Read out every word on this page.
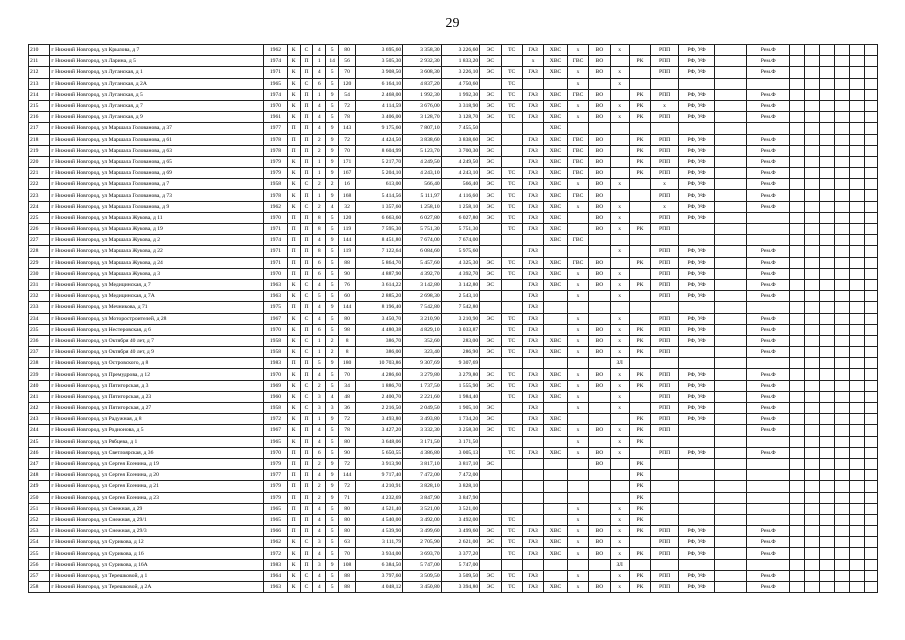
29
210	г Нижний Новгород, ул Крылова, д 7	1962	К	С	4	5	80	3 695,60	3 358,30	3 226,60	ЭС	ТС	ГАЗ	ХВС	х	ВО	х		РПП	РФ, УФ		Рем.Ф						
211	г Нижний Новгород, ул Ларина, д 5	1974	К	П	1	14	56	3 505,30	2 932,30	1 833,20	ЭС		х	ХВС	ГВС	ВО		РК	РПП	РФ, УФ		Рем.Ф						
212	г Нижний Новгород, ул Луганская, д 1	1971	К	П	4	5	70	3 908,50	3 608,30	3 226,10	ЭС	ТС	ГАЗ	ХВС	х	ВО	х		РПП	РФ, УФ		Рем.Ф						
213	г Нижний Новгород, ул Луганская, д 2А	1965	К	С	6	5	120	6 164,10	4 837,20	4 750,60		ТС			х		х											
214	г Нижний Новгород, ул Луганская, д 5	1974	К	П	1	9	54	2 468,00	1 992,30	1 992,30	ЭС	ТС	ГАЗ	ХВС	ГВС	ВО		РК	РПП	РФ, УФ		Рем.Ф						
215	г Нижний Новгород, ул Луганская, д 7	1970	К	П	4	5	72	4 114,59	3 676,00	3 318,90	ЭС	ТС	ГАЗ	ХВС	х	ВО	х	РК	х	РФ, УФ		Рем.Ф						
216	г Нижний Новгород, ул Луганская, д 9	1961	К	П	4	5	78	3 406,00	3 128,70	3 128,70	ЭС	ТС	ГАЗ	ХВС	х	ВО	х	РК	РПП	РФ, УФ		Рем.Ф						
217	г Нижний Новгород, ул Маршала Голованова, д 37	1977	П	П	4	9	143	9 175,60	7 807,10	7 455,50				ХВС														
218	г Нижний Новгород, ул Маршала Голованова, д 61	1978	П	П	2	9	72	4 424,50	3 838,60	3 838,60	ЭС		ГАЗ	ХВС	ГВС	ВО		РК	РПП	РФ, УФ		Рем.Ф						
219	г Нижний Новгород, ул Маршала Голованова, д 63	1978	П	П	2	9	70	8 604,99	5 123,70	3 700,30	ЭС		ГАЗ	ХВС	ГВС	ВО		РК	РПП	РФ, УФ		Рем.Ф						
220	г Нижний Новгород, ул Маршала Голованова, д 65	1979	К	П	1	9	171	5 217,70	4 249,50	4 249,50	ЭС		ГАЗ	ХВС	ГВС	ВО		РК	РПП	РФ, УФ		Рем.Ф						
221	г Нижний Новгород, ул Маршала Голованова, д 69	1979	К	П	1	9	167	5 204,10	4 243,10	4 243,10	ЭС	ТС	ГАЗ	ХВС	ГВС	ВО		РК	РПП	РФ, УФ		Рем.Ф						
222	г Нижний Новгород, ул Маршала Голованова, д 7	1958	К	С	2	2	16	613,00	566,40	566,40	ЭС	ТС	ГАЗ	ХВС	х	ВО	х		х	РФ, УФ		Рем.Ф						
223	г Нижний Новгород, ул Маршала Голованова, д 73	1978	К	П	1	9	168	5 414,56	5 111,97	4 116,60	ЭС	ТС	ГАЗ	ХВС	ГВС	ВО			РПП	РФ, УФ		Рем.Ф						
224	г Нижний Новгород, ул Маршала Голованова, д 9	1962	К	С	2	4	32	1 357,60	1 258,10	1 258,10	ЭС	ТС	ГАЗ	ХВС	х	ВО	х		х	РФ, УФ		Рем.Ф						
225	г Нижний Новгород, ул Маршала Жукова, д 11	1970	П	П	8	5	120	6 663,60	6 027,80	6 027,80	ЭС	ТС	ГАЗ	ХВС		ВО	х		РПП	РФ, УФ								
226	г Нижний Новгород, ул Маршала Жукова, д 19	1971	П	П	8	5	119	7 595,30	5 751,30	5 751,30		ТС	ГАЗ	ХВС		ВО	х	РК	РПП									
227	г Нижний Новгород, ул Маршала Жукова, д 2	1974	П	П	4	9	144	8 451,80	7 674,00	7 674,00				ХВС	ГВС													
228	г Нижний Новгород, ул Маршала Жукова, д 22	1971	П	П	8	5	119	7 122,64	6 084,60	5 975,60			ГАЗ				х		РПП	РФ, УФ		Рем.Ф						
229	г Нижний Новгород, ул Маршала Жукова, д 24	1971	П	П	6	5	88	5 864,70	5 457,60	4 325,30	ЭС	ТС	ГАЗ	ХВС	ГВС	ВО		РК	РПП	РФ, УФ		Рем.Ф						
230	г Нижний Новгород, ул Маршала Жукова, д 3	1970	П	П	6	5	90	4 887,90	4 392,70	4 392,70	ЭС	ТС	ГАЗ	ХВС	х	ВО	х		РПП	РФ, УФ		Рем.Ф						
231	г Нижний Новгород, ул Медицинская, д 7	1963	К	С	4	5	76	3 614,22	3 142,80	3 142,80	ЭС		ГАЗ	ХВС	х	ВО	х	РК	РПП	РФ, УФ		Рем.Ф						
232	г Нижний Новгород, ул Медицинская, д 7А	1963	К	С	5	5	60	2 885,20	2 698,30	2 543,10			ГАЗ		х		х		РПП	РФ, УФ		Рем.Ф						
233	г Нижний Новгород, ул Мечникова, д 71	1975	П	П	4	9	144	8 196,40	7 542,80	7 542,80			ГАЗ															
234	г Нижний Новгород, ул Моторостроителей, д 28	1967	К	С	4	5	80	3 450,70	3 210,90	3 210,90	ЭС	ТС	ГАЗ		х		х		РПП	РФ, УФ		Рем.Ф						
235	г Нижний Новгород, ул Нестеровская, д 6	1970	К	П	6	5	98	4 480,38	4 829,10	3 033,87		ТС	ГАЗ		х	ВО	х	РК	РПП	РФ, УФ		Рем.Ф						
236	г Нижний Новгород, ул Октября 40 лет, д 7	1958	К	С	1	2	8	386,70	352,60	283,00	ЭС	ТС	ГАЗ	ХВС	х	ВО	х	РК	РПП	РФ, УФ		Рем.Ф						
237	г Нижний Новгород, ул Октября 40 лет, д 9	1958	К	С	1	2	8	386,00	323,40	286,90	ЭС	ТС	ГАЗ	ХВС	х	ВО	х	РК	РПП			Рем.Ф						
238	г Нижний Новгород, ул Островского, д 8	1983	П	П	5	9	180	10 703,86	9 307,69	9 307,69							ЗЛ											
239	г Нижний Новгород, ул Премудрова, д 12	1970	К	П	4	5	70	4 286,60	3 279,80	3 279,80	ЭС	ТС	ГАЗ	ХВС	х	ВО	х	РК	РПП	РФ, УФ		Рем.Ф						
240	г Нижний Новгород, ул Пятигорская, д 3	1969	К	С	2	5	34	1 886,70	1 737,50	1 555,90	ЭС	ТС	ГАЗ	ХВС	х	ВО	х	РК	РПП	РФ, УФ		Рем.Ф						
241	г Нижний Новгород, ул Пятигорская, д 23	1960	К	С	3	4	48	2 400,70	2 221,60	1 984,40		ТС	ГАЗ	ХВС	х		х		РПП	РФ, УФ		Рем.Ф						
242	г Нижний Новгород, ул Пятигорская, д 27	1958	К	С	3	3	36	2 216,50	2 049,50	1 905,10	ЭС		ГАЗ		х		х		РПП	РФ, УФ		Рем.Ф						
243	г Нижний Новгород, ул Радужная, д 8	1972	К	П	1	9	72	3 493,80	3 493,80	1 734,20	ЭС		ГАЗ	ХВС				РК	РПП	РФ, УФ		Рем.Ф						
244	г Нижний Новгород, ул Родионова, д 5	1967	К	П	4	5	78	3 427,20	3 332,30	3 258,30	ЭС	ТС	ГАЗ	ХВС	х	ВО	х	РК	РПП			Рем.Ф						
245	г Нижний Новгород, ул Рябцева, д 1	1965	К	П	4	5	80	3 648,06	3 171,50	3 171,50					х		х	РК										
246	г Нижний Новгород, ул Светлоярская, д 36	1970	П	П	6	5	90	5 650,55	4 386,80	3 005,13		ТС	ГАЗ	ХВС	х	ВО	х		РПП	РФ, УФ		Рем.Ф						
247	г Нижний Новгород, ул Сергея Есенина, д 19	1979	П	П	2	9	72	3 913,90	3 817,10	3 817,10	ЭС					ВО		РК										
248	г Нижний Новгород, ул Сергея Есенина, д 20	1977	П	П	4	9	144	9 717,40	7 472,00	7 472,00								РК										
249	г Нижний Новгород, ул Сергея Есенина, д 21	1979	П	П	2	9	72	4 210,91	3 828,10	3 828,10								РК										
250	г Нижний Новгород, ул Сергея Есенина, д 23	1979	П	П	2	9	71	4 232,69	3 847,90	3 847,90								РК										
251	г Нижний Новгород, ул Снежная, д 29	1965	П	П	4	5	80	4 521,40	3 521,00	3 521,00					х		х	РК										
252	г Нижний Новгород, ул Снежная, д 29/1	1965	П	П	4	5	80	4 540,00	3 492,00	3 492,00		ТС			х		х	РК										
253	г Нижний Новгород, ул Снежная, д 29/3	1966	П	П	4	5	80	4 539,90	3 499,60	3 499,60	ЭС	ТС	ГАЗ	ХВС	х	ВО	х	РК	РПП	РФ, УФ		Рем.Ф						
254	г Нижний Новгород, ул Сурикова, д 12	1962	К	С	3	5	63	3 111,79	2 705,90	2 621,00	ЭС	ТС	ГАЗ	ХВС	х	ВО	х		РПП	РФ, УФ		Рем.Ф						
255	г Нижний Новгород, ул Сурикова, д 16	1972	К	П	4	5	70	3 934,00	3 693,70	3 377,20		ТС	ГАЗ	ХВС	х	ВО	х	РК	РПП	РФ, УФ		Рем.Ф						
256	г Нижний Новгород, ул Сурикова, д 16А	1983	К	П	3	9	108	6 384,50	5 747,00	5 747,00							ЗЛ											
257	г Нижний Новгород, ул Терешковой, д 1	1964	К	С	4	5	88	3 797,60	3 509,50	3 509,50	ЭС	ТС	ГАЗ		х		х	РК	РПП	РФ, УФ		Рем.Ф						
258	г Нижний Новгород, ул Терешковой, д 2А	1963	К	С	4	5	88	4 048,12	3 450,80	3 394,80	ЭС	ТС	ГАЗ	ХВС	х	ВО	х	РК	РПП	РФ, УФ		Рем.Ф						
